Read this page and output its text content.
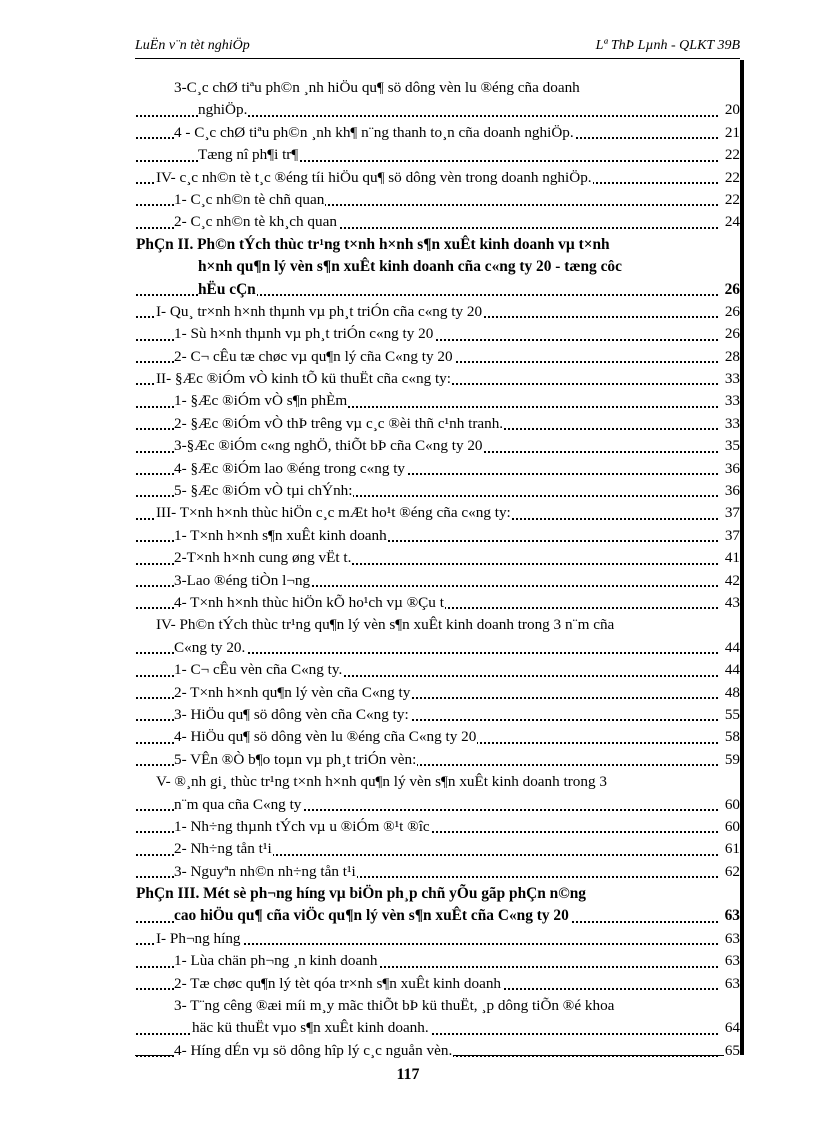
LuËn v¨n tèt nghiÖp	Lª ThÞ Lµnh - QLKT 39B
3-C¸c chØ tiªu ph©n ¸nh hiÖu qu¶ sö dông vèn lu ®éng cña doanh
nghiÖp.	20
4 - C¸c chØ tiªu ph©n ¸nh kh¶ n¨ng thanh to¸n cña doanh nghiÖp.	21
Tæng nî ph¶i tr¶	22
IV- c¸c nh©n tè t¸c ®éng tíi hiÖu qu¶ sö dông vèn trong doanh nghiÖp.	22
1- C¸c nh©n tè chñ quan	22
2- C¸c nh©n tè kh¸ch quan	24
PhÇn II. Ph©n tÝch thùc tr¹ng t×nh h×nh s¶n xuÊt kinh doanh vµ t×nh
h×nh qu¶n lý vèn s¶n xuÊt kinh doanh cña c«ng ty 20 - tæng côc
hËu cÇn	26
I- Qu¸ tr×nh h×nh thµnh vµ ph¸t triÓn cña c«ng ty 20	26
1- Sù h×nh thµnh vµ ph¸t triÓn c«ng ty 20	26
2- C¬ cÊu tæ chøc vµ qu¶n lý cña C«ng ty 20	28
II- §Æc ®iÓm vÒ kinh tÕ kü thuËt cña c«ng ty:	33
1- §Æc ®iÓm vÒ s¶n phÈm	33
2- §Æc ®iÓm vÒ thÞ trêng vµ c¸c ®èi thñ c¹nh tranh.	33
3-§Æc ®iÓm c«ng nghÖ, thiÕt bÞ cña C«ng ty 20	35
4- §Æc ®iÓm lao ®éng trong c«ng ty	36
5- §Æc ®iÓm vÒ tµi chÝnh:	36
III- T×nh h×nh thùc hiÖn c¸c mÆt ho¹t ®éng cña c«ng ty:	37
1- T×nh h×nh s¶n xuÊt kinh doanh	37
2-T×nh h×nh cung øng vËt t.	41
3-Lao ®éng tiÒn l¬ng	42
4- T×nh h×nh thùc hiÖn kÕ ho¹ch vµ ®Çu t	43
IV- Ph©n tÝch thùc tr¹ng qu¶n lý vèn s¶n xuÊt kinh doanh trong 3 n¨m cña
C«ng ty 20.	44
1- C¬ cÊu vèn cña C«ng ty.	44
2- T×nh h×nh qu¶n lý vèn cña C«ng ty	48
3- HiÖu qu¶ sö dông vèn cña C«ng ty:	55
4- HiÖu qu¶ sö dông vèn lu ®éng cña C«ng ty 20	58
5- VÊn ®Ò b¶o toµn vµ ph¸t triÓn vèn:	59
V- ®¸nh gi¸ thùc tr¹ng t×nh h×nh qu¶n lý vèn s¶n xuÊt kinh doanh trong 3
n¨m qua cña C«ng ty	60
1- Nh÷ng thµnh tÝch vµ u ®iÓm ®¹t ®îc	60
2- Nh÷ng tån t¹i	61
3- Nguyªn nh©n nh÷ng tån t¹i	62
PhÇn III. Mét sè ph¬ng híng vµ biÖn ph¸p chñ yÕu gãp phÇn n©ng
cao hiÖu qu¶ cña viÖc qu¶n lý vèn s¶n xuÊt cña C«ng ty 20	63
I- Ph¬ng híng	63
1- Lùa chän ph¬ng ¸n kinh doanh	63
2- Tæ chøc qu¶n lý tèt qóa tr×nh s¶n xuÊt kinh doanh	63
3- T¨ng cêng ®æi míi m¸y mãc thiÕt bÞ kü thuËt, ¸p dông tiÕn ®é khoa
häc kü thuËt vµo s¶n xuÊt kinh doanh.	64
4- Híng dÉn vµ sö dông hîp lý c¸c nguån vèn.	65
117
